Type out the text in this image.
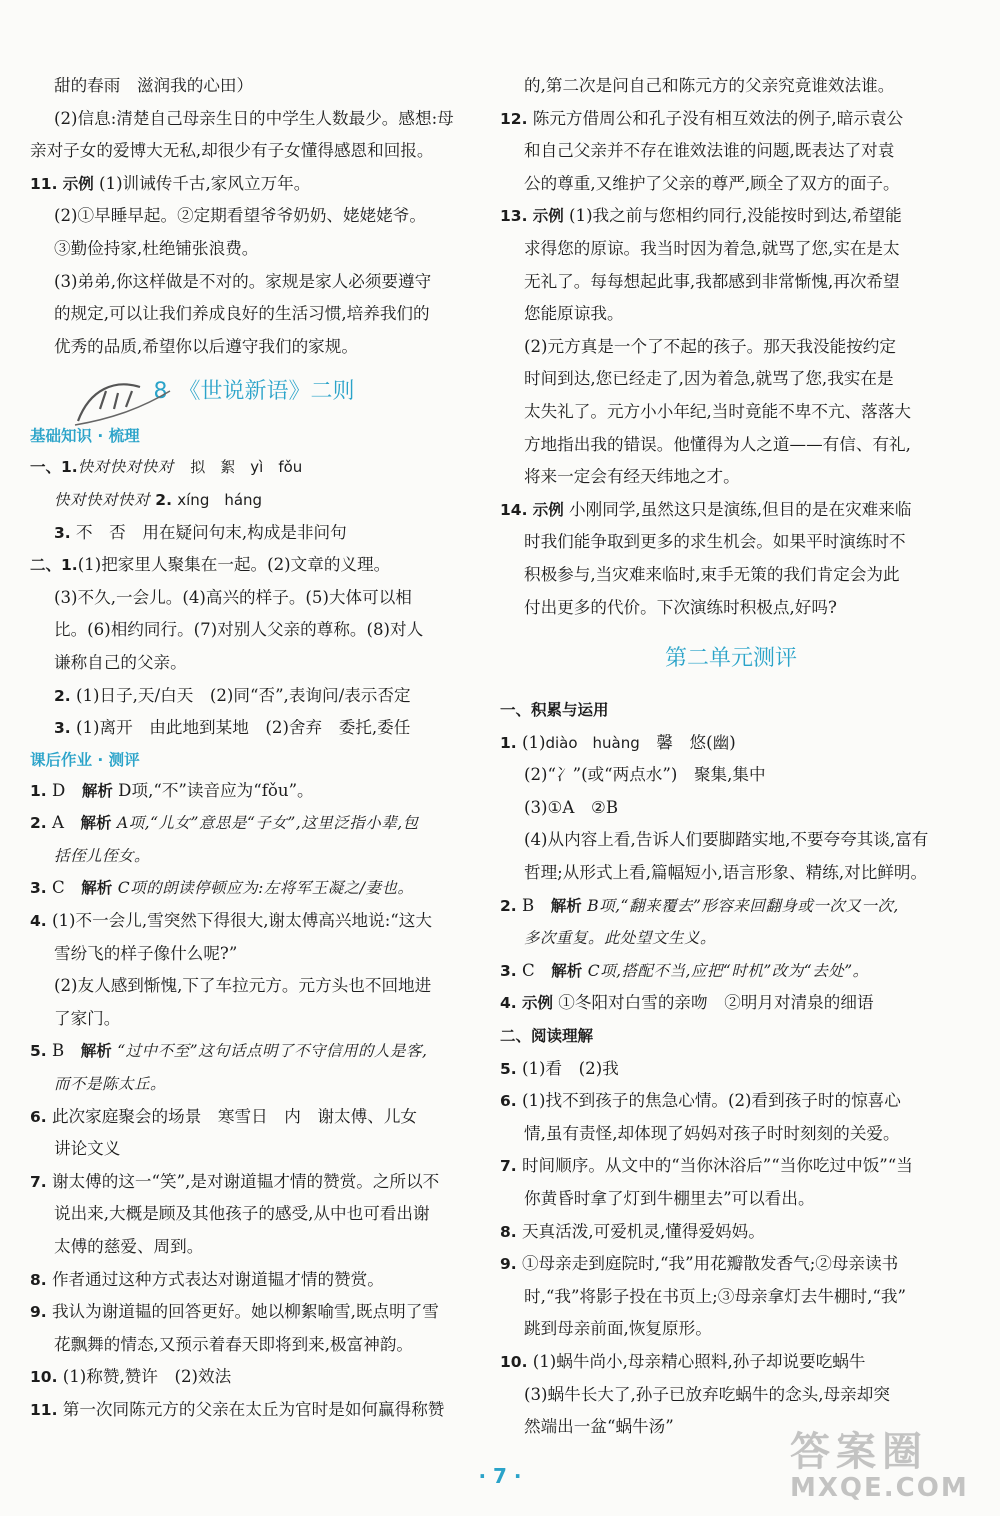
甜的春雨　滋润我的心田）

(2)信息:清楚自己母亲生日的中学生人数最少。感想:母

亲对子女的爱博大无私,却很少有子女懂得感恩和回报。

11. 示例 (1)训诫传千古,家风立万年。

(2)①早睡早起。②定期看望爷爷奶奶、姥姥姥爷。

③勤俭持家,杜绝铺张浪费。

(3)弟弟,你这样做是不对的。家规是家人必须要遵守

的规定,可以让我们养成良好的生活习惯,培养我们的

优秀的品质,希望你以后遵守我们的家规。

8　《世说新语》二则

基础知识 · 梳理

一、1.快对快对快对　 拟　絮　yì　fǒu

快对快对快对 2. xíng　háng

3. 不　否　用在疑问句末,构成是非问句

二、1.(1)把家里人聚集在一起。(2)文章的义理。

(3)不久,一会儿。(4)高兴的样子。(5)大体可以相

比。(6)相约同行。(7)对别人父亲的尊称。(8)对人

谦称自己的父亲。

2. (1)日子,天/白天　(2)同“否”,表询问/表示否定

3. (1)离开　由此地到某地　(2)舍弃　委托,委任

课后作业 · 测评

1. D　解析 D项,“不”读音应为“fǒu”。

2. A　解析 A项,“儿女”意思是“子女”,这里泛指小辈,包

括侄儿侄女。

3. C　解析 C项的朗读停顿应为:左将军王凝之/妻也。

4. (1)不一会儿,雪突然下得很大,谢太傅高兴地说:“这大

雪纷飞的样子像什么呢?”

(2)友人感到惭愧,下了车拉元方。元方头也不回地进

了家门。

5. B　解析 “过中不至”这句话点明了不守信用的人是客,

而不是陈太丘。

6. 此次家庭聚会的场景　寒雪日　内　谢太傅、儿女

讲论文义

7. 谢太傅的这一“笑”,是对谢道韫才情的赞赏。之所以不

说出来,大概是顾及其他孩子的感受,从中也可看出谢

太傅的慈爱、周到。

8. 作者通过这种方式表达对谢道韫才情的赞赏。

9. 我认为谢道韫的回答更好。她以柳絮喻雪,既点明了雪

花飘舞的情态,又预示着春天即将到来,极富神韵。

10. (1)称赞,赞许　(2)效法

11. 第一次同陈元方的父亲在太丘为官时是如何赢得称赞

的,第二次是问自己和陈元方的父亲究竟谁效法谁。

12. 陈元方借周公和孔子没有相互效法的例子,暗示袁公

和自己父亲并不存在谁效法谁的问题,既表达了对袁

公的尊重,又维护了父亲的尊严,顾全了双方的面子。

13. 示例 (1)我之前与您相约同行,没能按时到达,希望能

求得您的原谅。我当时因为着急,就骂了您,实在是太

无礼了。每每想起此事,我都感到非常惭愧,再次希望

您能原谅我。

(2)元方真是一个了不起的孩子。那天我没能按约定

时间到达,您已经走了,因为着急,就骂了您,我实在是

太失礼了。元方小小年纪,当时竟能不卑不亢、落落大

方地指出我的错误。他懂得为人之道——有信、有礼,

将来一定会有经天纬地之才。

14. 示例 小刚同学,虽然这只是演练,但目的是在灾难来临

时我们能争取到更多的求生机会。如果平时演练时不

积极参与,当灾难来临时,束手无策的我们肯定会为此

付出更多的代价。下次演练时积极点,好吗?

第二单元测评

一、积累与运用

1. (1)diào　huàng　馨　悠(幽)

(2)“冫”(或“两点水”)　聚集,集中

(3)①A　②B

(4)从内容上看,告诉人们要脚踏实地,不要夸夸其谈,富有

哲理;从形式上看,篇幅短小,语言形象、精练,对比鲜明。

2. B　解析 B项,“翻来覆去”形容来回翻身或一次又一次,

多次重复。此处望文生义。

3. C　解析 C项,搭配不当,应把“时机”改为“去处”。

4. 示例 ①冬阳对白雪的亲吻　②明月对清泉的细语

二、阅读理解

5. (1)看　(2)我

6. (1)找不到孩子的焦急心情。(2)看到孩子时的惊喜心

情,虽有责怪,却体现了妈妈对孩子时时刻刻的关爱。

7. 时间顺序。从文中的“当你沐浴后”“当你吃过中饭”“当

你黄昏时拿了灯到牛棚里去”可以看出。

8. 天真活泼,可爱机灵,懂得爱妈妈。

9. ①母亲走到庭院时,“我”用花瓣散发香气;②母亲读书

时,“我”将影子投在书页上;③母亲拿灯去牛棚时,“我”

跳到母亲前面,恢复原形。

10. (1)蜗牛尚小,母亲精心照料,孙子却说要吃蜗牛

(3)蜗牛长大了,孙子已放弃吃蜗牛的念头,母亲却突

然端出一盆“蜗牛汤”

· 7 ·
答案圈
MXQE.COM
